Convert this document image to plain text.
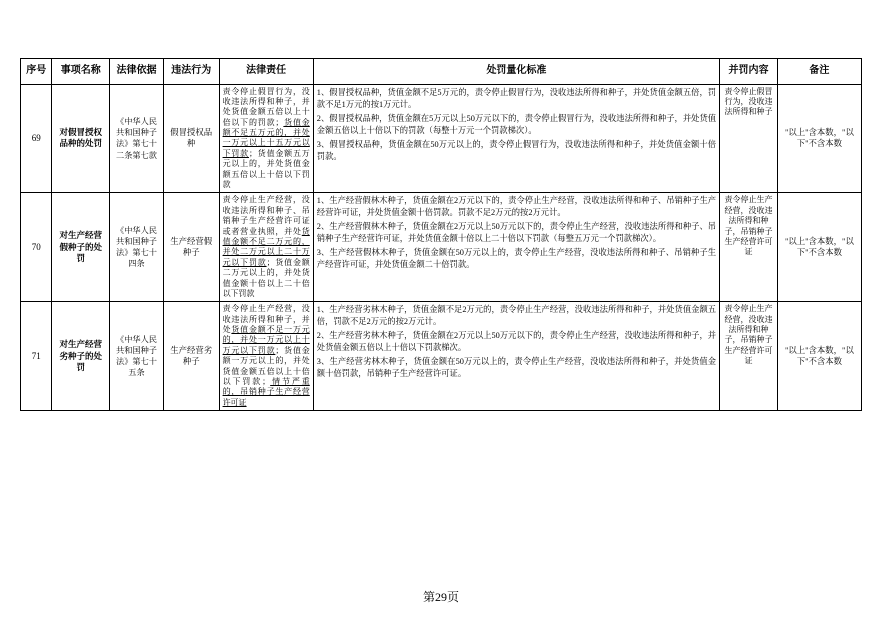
序号	事项名称	法律依据	违法行为	法律责任	处罚量化标准	并罚内容	备注
69	对假冒授权品种的处罚	《中华人民共和国种子法》第七十二条第七款	假冒授权品种	责令停止假冒行为，没收违法所得和种子，并处货值金额五倍以上十倍以下的罚款；货值金额不足五万元的，并处一万元以上十五万元以下罚款；货值金额五万元以上的，并处货值金额五倍以上十倍以下罚款	1、假冒授权品种，货值金额不足5万元的，责令停止假冒行为，没收违法所得和种子，并处货值金额五倍，罚款不足1万元的按1万元计。
2、假冒授权品种，货值金额在5万元以上50万元以下的，责令停止假冒行为，没收违法所得和种子，并处货值金额五倍以上十倍以下的罚款（每整十万元一个罚款梯次）。
3、假冒授权品种，货值金额在50万元以上的，责令停止假冒行为，没收违法所得和种子，并处货值金额十倍罚款。	责令停止假冒行为，没收违法所得和种子	"以上"含本数，"以下"不含本数
70	对生产经营假种子的处罚	《中华人民共和国种子法》第七十四条	生产经营假种子	责令停止生产经营，没收违法所得和种子、吊销种子生产经营许可证或者营业执照，并处货值金额不足二万元的，并处二万元以上二十万元以下罚款；货值金额二万元以上的，并处货值金额十倍以上二十倍以下罚款	1、生产经营假林木种子，货值金额在2万元以下的，责令停止生产经营，没收违法所得和种子、吊销种子生产经营许可证，并处货值金额十倍罚款。罚款不足2万元的按2万元计。
2、生产经营假林木种子，货值金额在2万元以上50万元以下的，责令停止生产经营，没收违法所得和种子、吊销种子生产经营许可证，并处货值金额十倍以上二十倍以下罚款（每整五万元一个罚款梯次）。
3、生产经营假林木种子，货值金额在50万元以上的，责令停止生产经营，没收违法所得和种子、吊销种子生产经营许可证，并处货值金额二十倍罚款。	责令停止生产经营，没收违法所得和种子，吊销种子生产经营许可证	"以上"含本数，"以下"不含本数
71	对生产经营劣种子的处罚	《中华人民共和国种子法》第七十五条	生产经营劣种子	责令停止生产经营，没收违法所得和种子，并处货值金额不足一万元的，并处一万元以上十万元以下罚款；货值金额一万元以上的，并处货值金额五倍以上十倍以下罚款；情节严重的，吊销种子生产经营许可证	1、生产经营劣林木种子，货值金额不足2万元的，责令停止生产经营，没收违法所得和种子，并处货值金额五倍，罚款不足2万元的按2万元计。
2、生产经营劣林木种子，货值金额在2万元以上50万元以下的，责令停止生产经营，没收违法所得和种子，并处货值金额五倍以上十倍以下罚款梯次。
3、生产经营劣林木种子，货值金额在50万元以上的，责令停止生产经营，没收违法所得和种子，并处货值金额十倍罚款，吊销种子生产经营许可证。	责令停止生产经营，没收违法所得和种子，吊销种子生产经营许可证	"以上"含本数，"以下"不含本数
第29页
